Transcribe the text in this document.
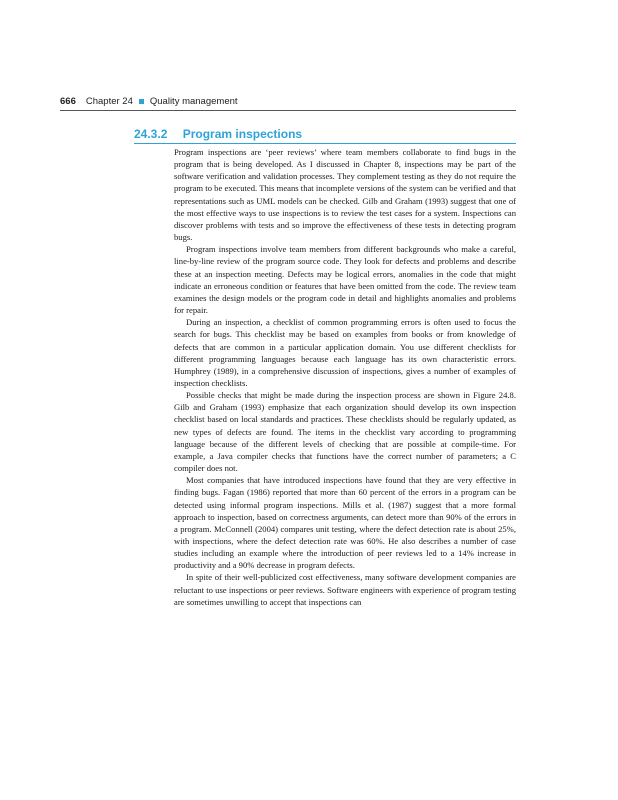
666 Chapter 24 Quality management
24.3.2 Program inspections

Program inspections are ‘peer reviews’ where team members collaborate to find bugs in the program that is being developed. As I discussed in Chapter 8, inspections may be part of the software verification and validation processes. They complement testing as they do not require the program to be executed. This means that incomplete versions of the system can be verified and that representations such as UML models can be checked. Gilb and Graham (1993) suggest that one of the most effective ways to use inspections is to review the test cases for a system. Inspections can discover problems with tests and so improve the effectiveness of these tests in detecting program bugs.

Program inspections involve team members from different backgrounds who make a careful, line-by-line review of the program source code. They look for defects and problems and describe these at an inspection meeting. Defects may be logical errors, anomalies in the code that might indicate an erroneous condition or features that have been omitted from the code. The review team examines the design models or the program code in detail and highlights anomalies and problems for repair.

During an inspection, a checklist of common programming errors is often used to focus the search for bugs. This checklist may be based on examples from books or from knowledge of defects that are common in a particular application domain. You use different checklists for different programming languages because each language has its own characteristic errors. Humphrey (1989), in a comprehensive discussion of inspections, gives a number of examples of inspection checklists.

Possible checks that might be made during the inspection process are shown in Figure 24.8. Gilb and Graham (1993) emphasize that each organization should develop its own inspection checklist based on local standards and practices. These checklists should be regularly updated, as new types of defects are found. The items in the checklist vary according to programming language because of the different levels of checking that are possible at compile-time. For example, a Java compiler checks that functions have the correct number of parameters; a C compiler does not.

Most companies that have introduced inspections have found that they are very effective in finding bugs. Fagan (1986) reported that more than 60 percent of the errors in a program can be detected using informal program inspections. Mills et al. (1987) suggest that a more formal approach to inspection, based on correctness arguments, can detect more than 90% of the errors in a program. McConnell (2004) compares unit testing, where the defect detection rate is about 25%, with inspections, where the defect detection rate was 60%. He also describes a number of case studies including an example where the introduction of peer reviews led to a 14% increase in productivity and a 90% decrease in program defects.

In spite of their well-publicized cost effectiveness, many software development companies are reluctant to use inspections or peer reviews. Software engineers with experience of program testing are sometimes unwilling to accept that inspections can
